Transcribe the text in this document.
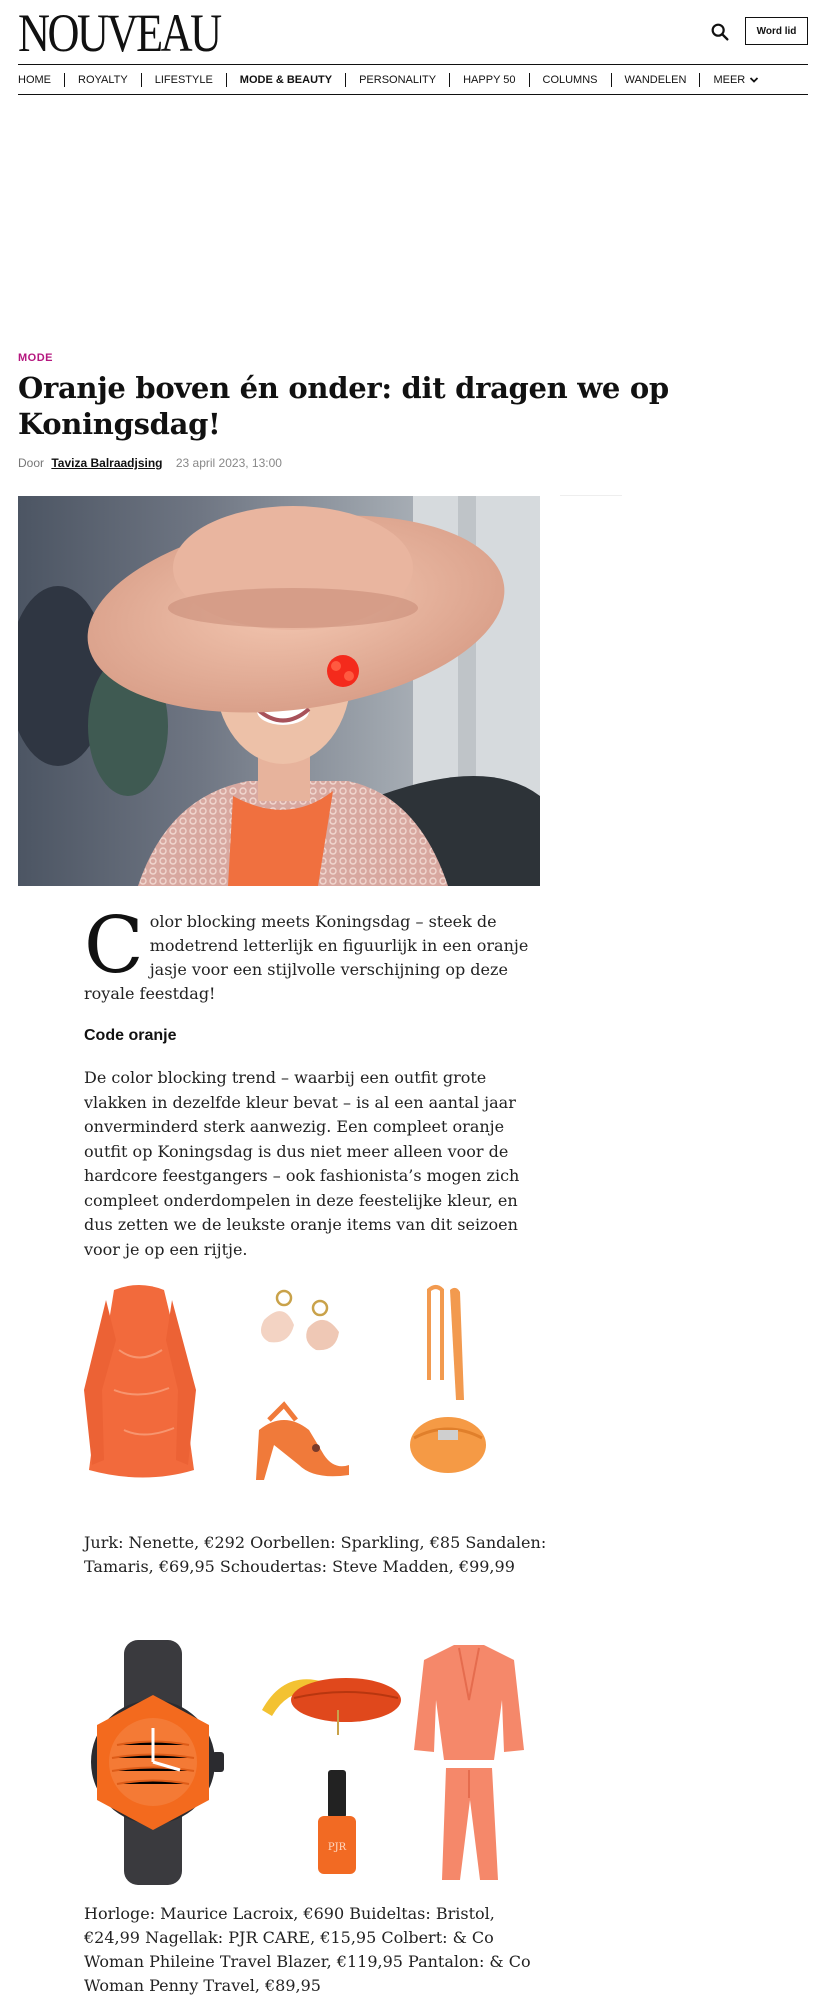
NOUVEAU	Word lid
HOME ROYALTY LIFESTYLE MODE & BEAUTY PERSONALITY HAPPY 50 COLUMNS WANDELEN MEER
MODE
Oranje boven én onder: dit dragen we op Koningsdag!
Door Taviza Balraadjsing 23 april 2023, 13:00
C olor blocking meets Koningsdag – steek de modetrend letterlijk en figuurlijk in een oranje jasje voor een stijlvolle verschijning op deze royale feestdag!
Code oranje

De color blocking trend – waarbij een outfit grote vlakken in dezelfde kleur bevat – is al een aantal jaar onverminderd sterk aanwezig. Een compleet oranje outfit op Koningsdag is dus niet meer alleen voor de hardcore feestgangers – ook fashionista’s mogen zich compleet onderdompelen in deze feestelijke kleur, en dus zetten we de leukste oranje items van dit seizoen voor je op een rijtje.

Jurk: Nenette, €292 Oorbellen: Sparkling, €85 Sandalen: Tamaris, €69,95 Schoudertas: Steve Madden, €99,99
PJR
Horloge: Maurice Lacroix, €690 Buideltas: Bristol, €24,99 Nagellak: PJR CARE, €15,95 Colbert: & Co Woman Phileine Travel Blazer, €119,95 Pantalon: & Co Woman Penny Travel, €89,95
